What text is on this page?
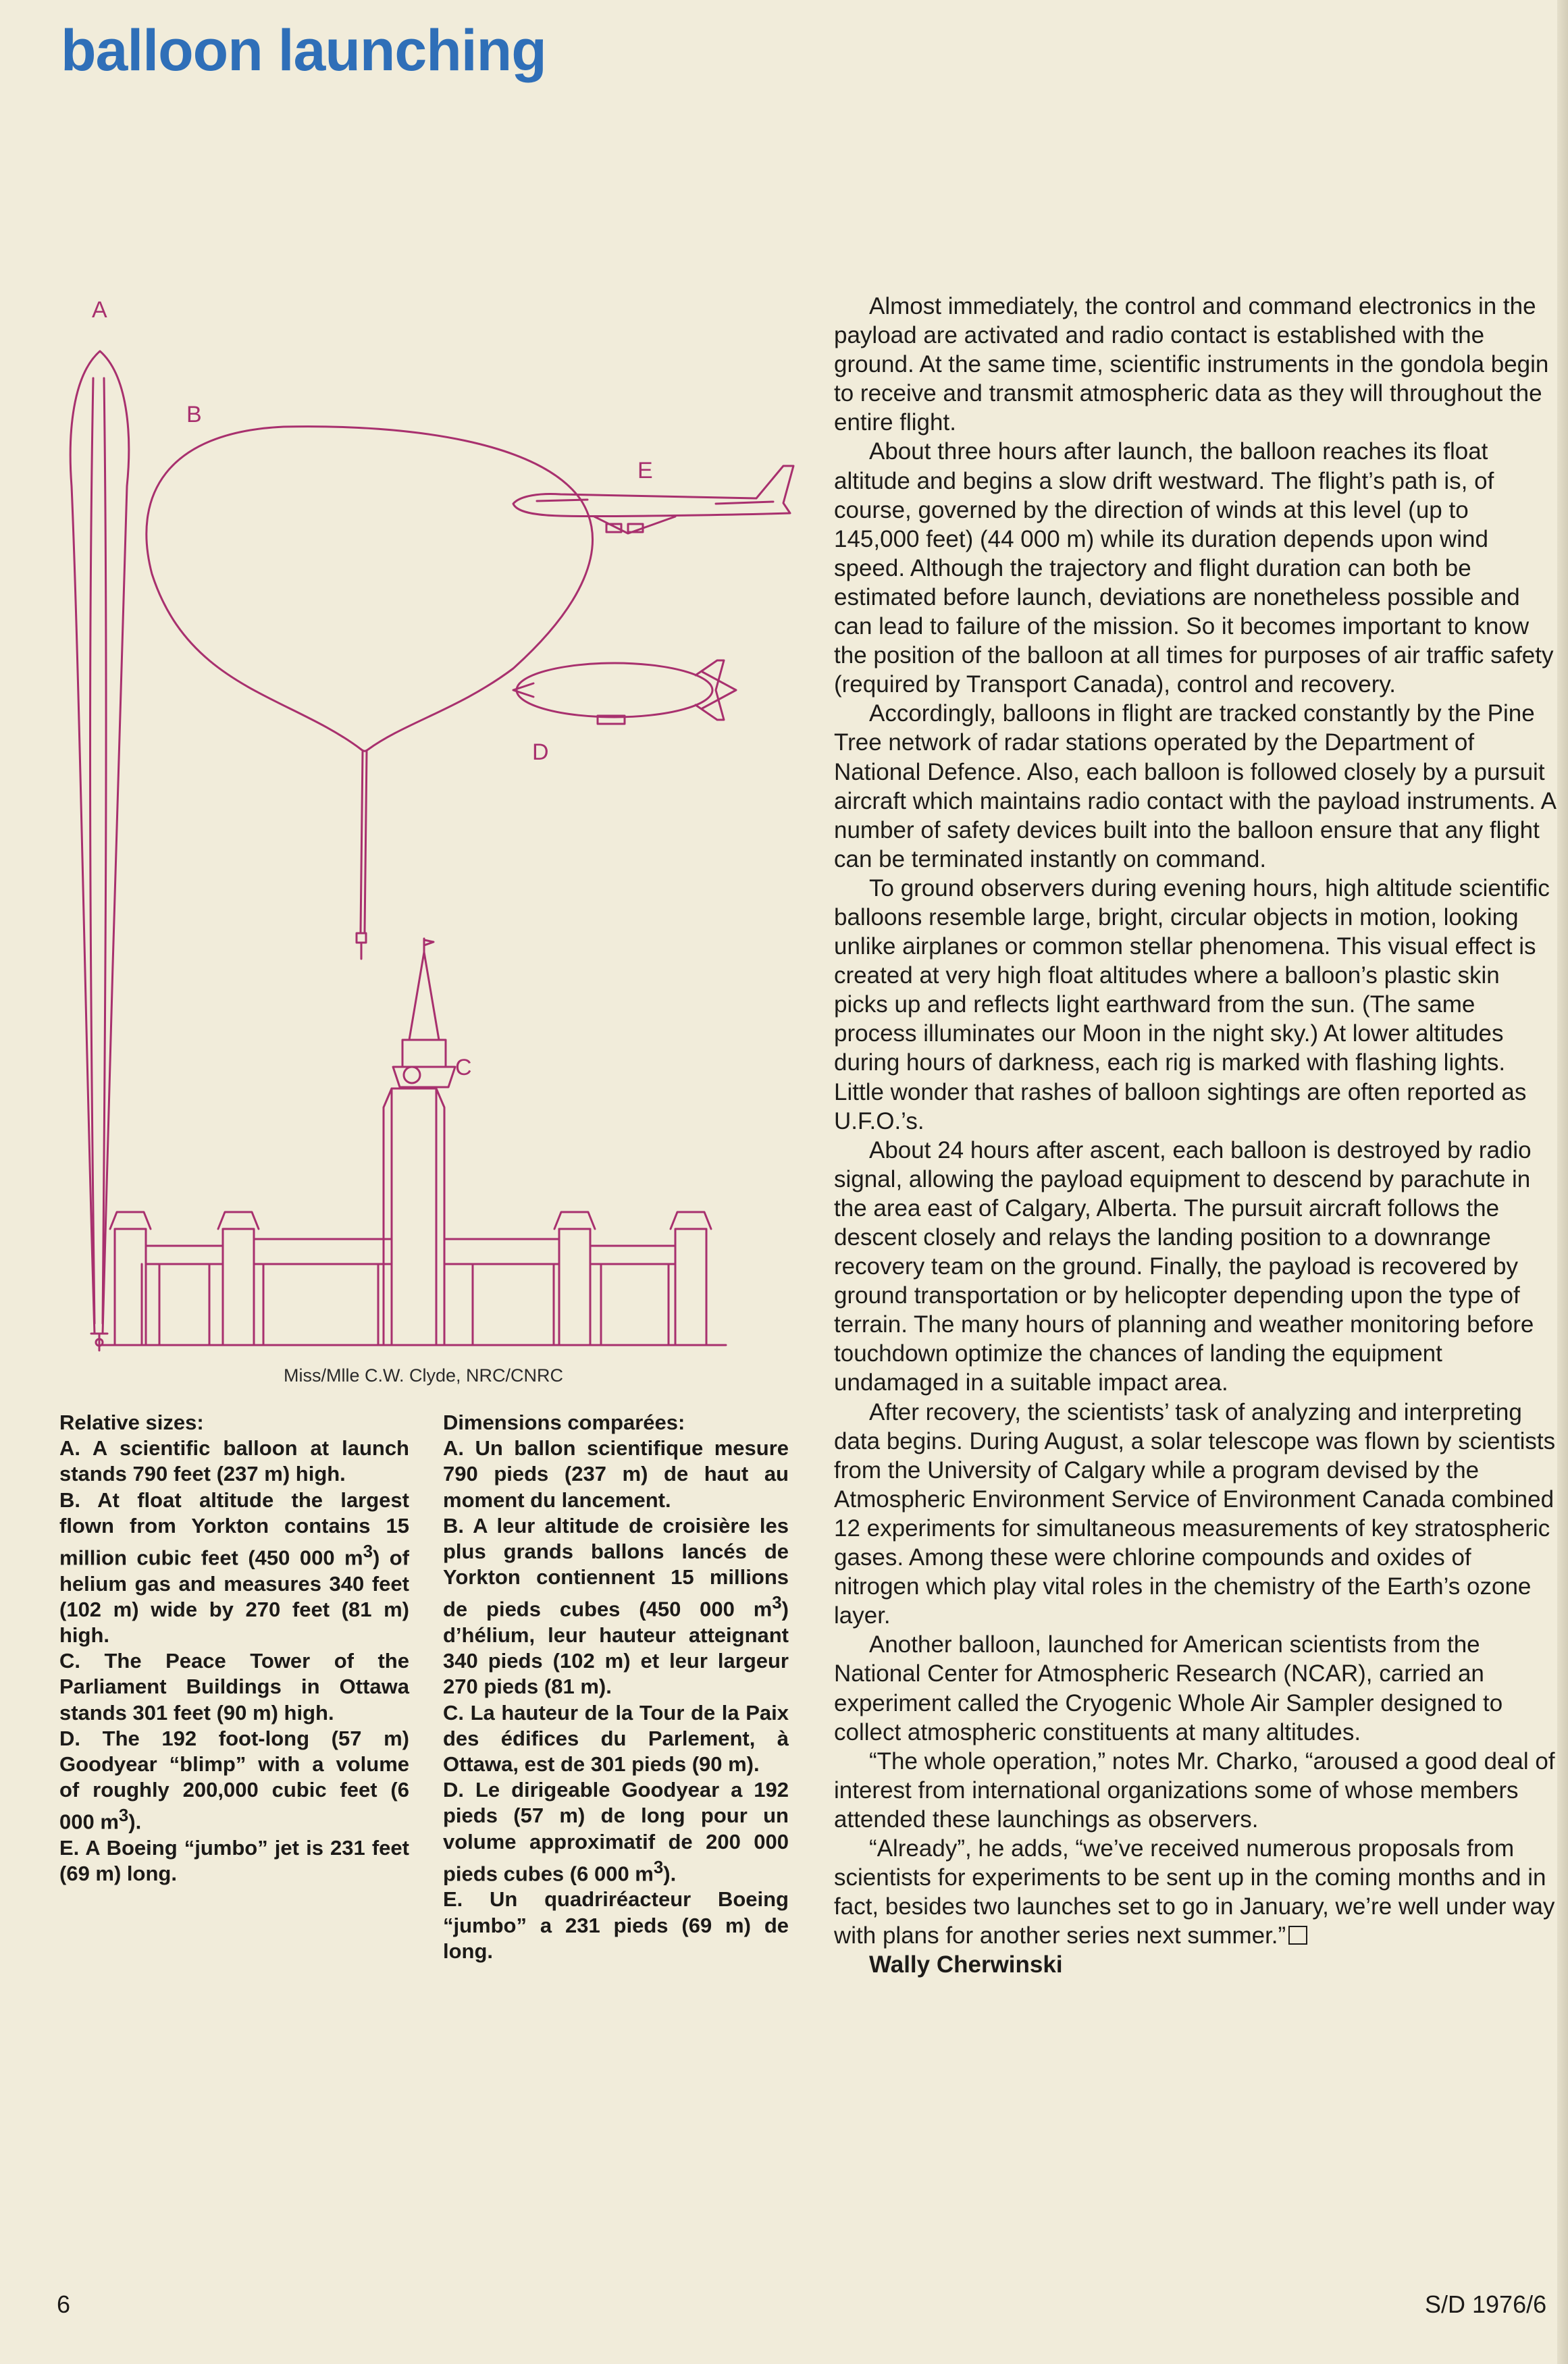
balloon launching
A
B
E
D
C
Miss/Mlle C.W. Clyde, NRC/CNRC

Relative sizes:

A. A scientific balloon at launch stands 790 feet (237 m) high.

B. At float altitude the largest flown from Yorkton contains 15 million cubic feet (450 000 $m^3$) of helium gas and measures 340 feet (102 m) wide by 270 feet (81 m) high.

C. The Peace Tower of the Parliament Buildings in Ottawa stands 301 feet (90 m) high.

D. The 192 foot-long (57 m) Goodyear “blimp” with a volume of roughly 200,000 cubic feet (6 000 $m^3$).

E. A Boeing “jumbo” jet is 231 feet (69 m) long.

Dimensions comparées:

A. Un ballon scientifique mesure 790 pieds (237 m) de haut au moment du lancement.

B. A leur altitude de croisière les plus grands ballons lancés de Yorkton contiennent 15 millions de pieds cubes (450 000 $m^3$) d’hélium, leur hauteur atteignant 340 pieds (102 m) et leur largeur 270 pieds (81 m).

C. La hauteur de la Tour de la Paix des édifices du Parlement, à Ottawa, est de 301 pieds (90 m).

D. Le dirigeable Goodyear a 192 pieds (57 m) de long pour un volume approximatif de 200 000 pieds cubes (6 000 $m^3$).

E. Un quadriréacteur Boeing “jumbo” a 231 pieds (69 m) de long.

Almost immediately, the control and command electronics in the payload are activated and radio contact is established with the ground. At the same time, scientific instruments in the gondola begin to receive and transmit atmospheric data as they will throughout the entire flight.

About three hours after launch, the balloon reaches its float altitude and begins a slow drift westward. The flight’s path is, of course, governed by the direction of winds at this level (up to 145,000 feet) (44 000 m) while its duration depends upon wind speed. Although the trajectory and flight duration can both be estimated before launch, deviations are nonetheless possible and can lead to failure of the mission. So it becomes important to know the position of the balloon at all times for purposes of air traffic safety (required by Transport Canada), control and recovery.

Accordingly, balloons in flight are tracked constantly by the Pine Tree network of radar stations operated by the Department of National Defence. Also, each balloon is followed closely by a pursuit aircraft which maintains radio contact with the payload instruments. A number of safety devices built into the balloon ensure that any flight can be terminated instantly on command.

To ground observers during evening hours, high altitude scientific balloons resemble large, bright, circular objects in motion, looking unlike airplanes or common stellar phenomena. This visual effect is created at very high float altitudes where a balloon’s plastic skin picks up and reflects light earthward from the sun. (The same process illuminates our Moon in the night sky.) At lower altitudes during hours of darkness, each rig is marked with flashing lights. Little wonder that rashes of balloon sightings are often reported as U.F.O.’s.

About 24 hours after ascent, each balloon is destroyed by radio signal, allowing the payload equipment to descend by parachute in the area east of Calgary, Alberta. The pursuit aircraft follows the descent closely and relays the landing position to a downrange recovery team on the ground. Finally, the payload is recovered by ground transportation or by helicopter depending upon the type of terrain. The many hours of planning and weather monitoring before touchdown optimize the chances of landing the equipment undamaged in a suitable impact area.

After recovery, the scientists’ task of analyzing and interpreting data begins. During August, a solar telescope was flown by scientists from the University of Calgary while a program devised by the Atmospheric Environment Service of Environment Canada combined 12 experiments for simultaneous measurements of key stratospheric gases. Among these were chlorine compounds and oxides of nitrogen which play vital roles in the chemistry of the Earth’s ozone layer.

Another balloon, launched for American scientists from the National Center for Atmospheric Research (NCAR), carried an experiment called the Cryogenic Whole Air Sampler designed to collect atmospheric constituents at many altitudes.

“The whole operation,” notes Mr. Charko, “aroused a good deal of interest from international organizations some of whose members attended these launchings as observers.

“Already”, he adds, “we’ve received numerous proposals from scientists for experiments to be sent up in the coming months and in fact, besides two launches set to go in January, we’re well under way with plans for another series next summer.”

Wally Cherwinski

6	S/D 1976/6
